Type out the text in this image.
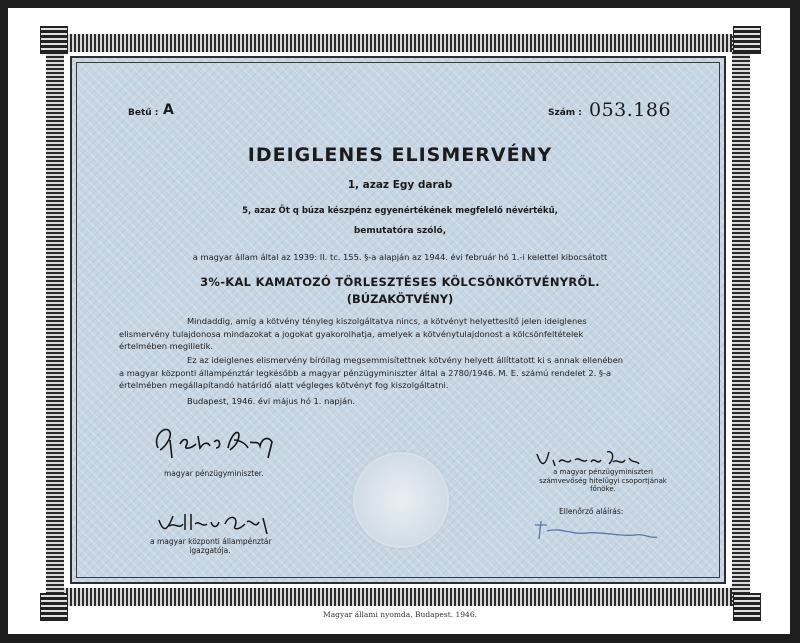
Betű : A	Szám : 053.186
IDEIGLENES ELISMERVÉNY
1, azaz Egy darab
5, azaz Öt q búza készpénz egyenértékének megfelelő névértékű,
bemutatóra szóló,
a magyar állam által az 1939: II. tc. 155. §-a alapján az 1944. évi február hó 1.-i kelettel kibocsátott
3%-KAL KAMATOZÓ TÖRLESZTÉSES KÖLCSÖNKÖTVÉNYRŐL.
(BÚZAKÖTVÉNY)
Mindaddig, amíg a kötvény tényleg kiszolgáltatva nincs, a kötvényt helyettesítő jelen ideiglenes
elismervény tulajdonosa mindazokat a jogokat gyakorolhatja, amelyek a kötvénytulajdonost a kölcsönfeltételek
értelmében megilletik.
Ez az ideiglenes elismervény bíróilag megsemmisítettnek kötvény helyett állíttatott ki s annak ellenében
a magyar központi állampénztár legkésőbb a magyar pénzügyminiszter által a 2780/1946. M. E. számú rendelet 2. §-a
értelmében megállapítandó határidő alatt végleges kötvényt fog kiszolgáltatni.
Budapest, 1946. évi május hó 1. napján.
magyar pénzügyminiszter.
a magyar központi állampénztár
igazgatója.
a magyar pénzügyminiszteri
számvevőség hitelügyi csoportjának
főnöke.
Ellenőrző aláírás:
Magyar állami nyomda, Budapest. 1946.
